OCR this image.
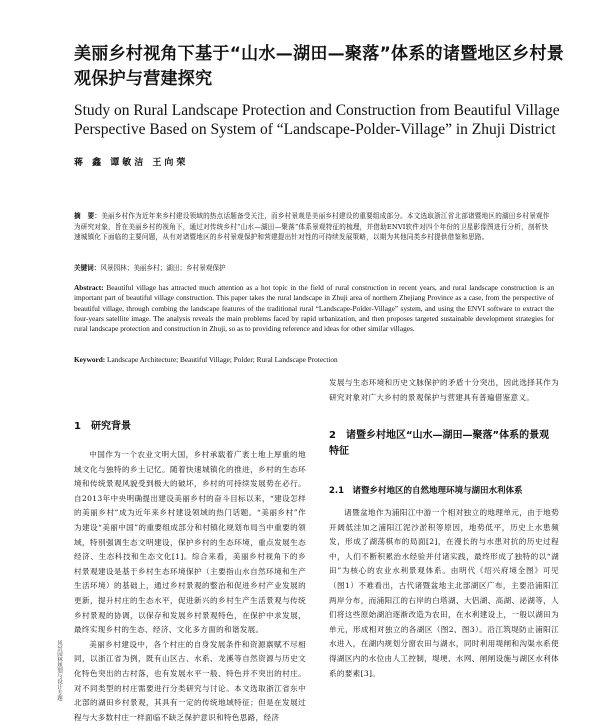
美丽乡村视角下基于“山水—湖田—聚落”体系的诸暨地区乡村景观保护与营建探究
Study on Rural Landscape Protection and Construction from Beautiful Village Perspective Based on System of “Landscape-Polder-Village” in Zhuji District
蒋 鑫 谭敏洁 王向荣
摘　要：美丽乡村作为近年来乡村建设领域的热点话题备受关注，而乡村景观是美丽乡村建设的重要组成部分。本文选取浙江省北部诸暨地区的湖田乡村景观作为研究对象，旨在美丽乡村的视角下，通过对传统乡村“山水—湖田—聚落”体系景观特征的梳理，并借助ENVI软件对四个年份的卫星影像图进行分析，剖析快速城镇化下面临的主要问题，从有对诸暨地区的乡村景观保护和营建提出针对性的可持续发展策略，以期为其他同类乡村提供借鉴和思路。
关键词：风景园林；美丽乡村；湖田；乡村景观保护
Abstract: Beautiful village has attracted much attention as a hot topic in the field of rural construction in recent years, and rural landscape construction is an important part of beautiful village construction. This paper takes the rural landscape in Zhuji area of northern Zhejiang Province as a case, from the perspective of beautiful village, through combing the landscape features of the traditional rural “Landscape-Polder-Village” system, and using the ENVI software to extract the four-years satellite image. The analysis reveals the main problems faced by rapid urbanization, and then proposes targeted sustainable development strategies for rural landscape protection and construction in Zhuji, so as to providing reference and ideas for other similar villages.
Keyword: Landscape Architecture; Beautiful Village; Polder; Rural Landscape Protection
1　研究背景

中国作为一个农业文明大国，乡村承载着广袤土地上厚重的地域文化与独特的乡土记忆。随着快速城镇化的推进，乡村的生态环境和传统景观风貌受到极大的破坏，乡村的可持续发展势在必行。自2013年中央明确提出建设美丽乡村的奋斗目标以来，“建设怎样的美丽乡村”成为近年来乡村建设领域的热门话题。“美丽乡村”作为建设“美丽中国”的重要组成部分和村镇化规划布局当中重要的领域，特别强调生态文明建设，保护乡村的生态环境，重点发展生态经济、生态科技和生态文化[1]。综合来看，美丽乡村视角下的乡村景观建设是基于乡村生态环境保护（主要指山水自然环境和生产生活环境）的基础上，通过乡村景观的整治和促进乡村产业发展的更新，提升村庄的生态水平，促进新兴的乡村生产生活景观与传统乡村景观的协调，以保存和发展乡村景观特色，在保护中求发展，最终实现乡村的生态、经济、文化多方面的和谐发展。

美丽乡村建设中，各个村庄的自身发展条件和资源禀赋不尽相同，以浙江省为例，既有山区古、水系、龙溪等自然资源与历史文化特色突出的古村落，也有发展水平一般、特色并不突出的村庄。对不同类型的村庄需要进行分类研究与讨论。本文选取浙江省东中北部的湖田乡村景观，其具有一定的传统地域特征；但是在发展过程与大多数村庄一样面临不缺乏保护意识和特色思路，经济

发展与生态环境和历史文脉保护的矛盾十分突出，因此选择其作为研究对象对广大乡村的景观保护与营建具有普遍借鉴意义。

2　诸暨乡村地区“山水—湖田—聚落”体系的景观特征
2.1　诸暨乡村地区的自然地理环境与湖田水利体系

诸暨盆地作为浦阳江中游一个相对独立的地理单元，由于地势开阔低洼加之浦阳江泥沙淤积等原因，地势低平，历史上水患频发，形成了湖荡棋布的局面[2]，在漫长的与水患对抗的历史过程中，人们不断积累治水经验并付诸实践，最终形成了独特的以“湖田”为核心的农业水利景观体系。由明代《绍兴府境全图》可见（图1）不难看出，古代诸暨盆地主北部湖区广布，主要沿浦阳江两岸分布，而浦阳江的右岸的白塔湖、大侣湖、高湖、泌湖等，人们将这些原始湖泊逐渐改造为农田，在水利建设上，一般以湖田为单元，形成相对独立的各湖区（图2、图3）。沿江筑堤防止浦阳江水进入，在湖内规划分窗农田与湖水，同时利用堤闸和沟渠水系使得湖区内的水位由人工控制，堤埂、水网、闸闸设施与湖区水利体系的要素[3]。

风景园林规划与设计专题
